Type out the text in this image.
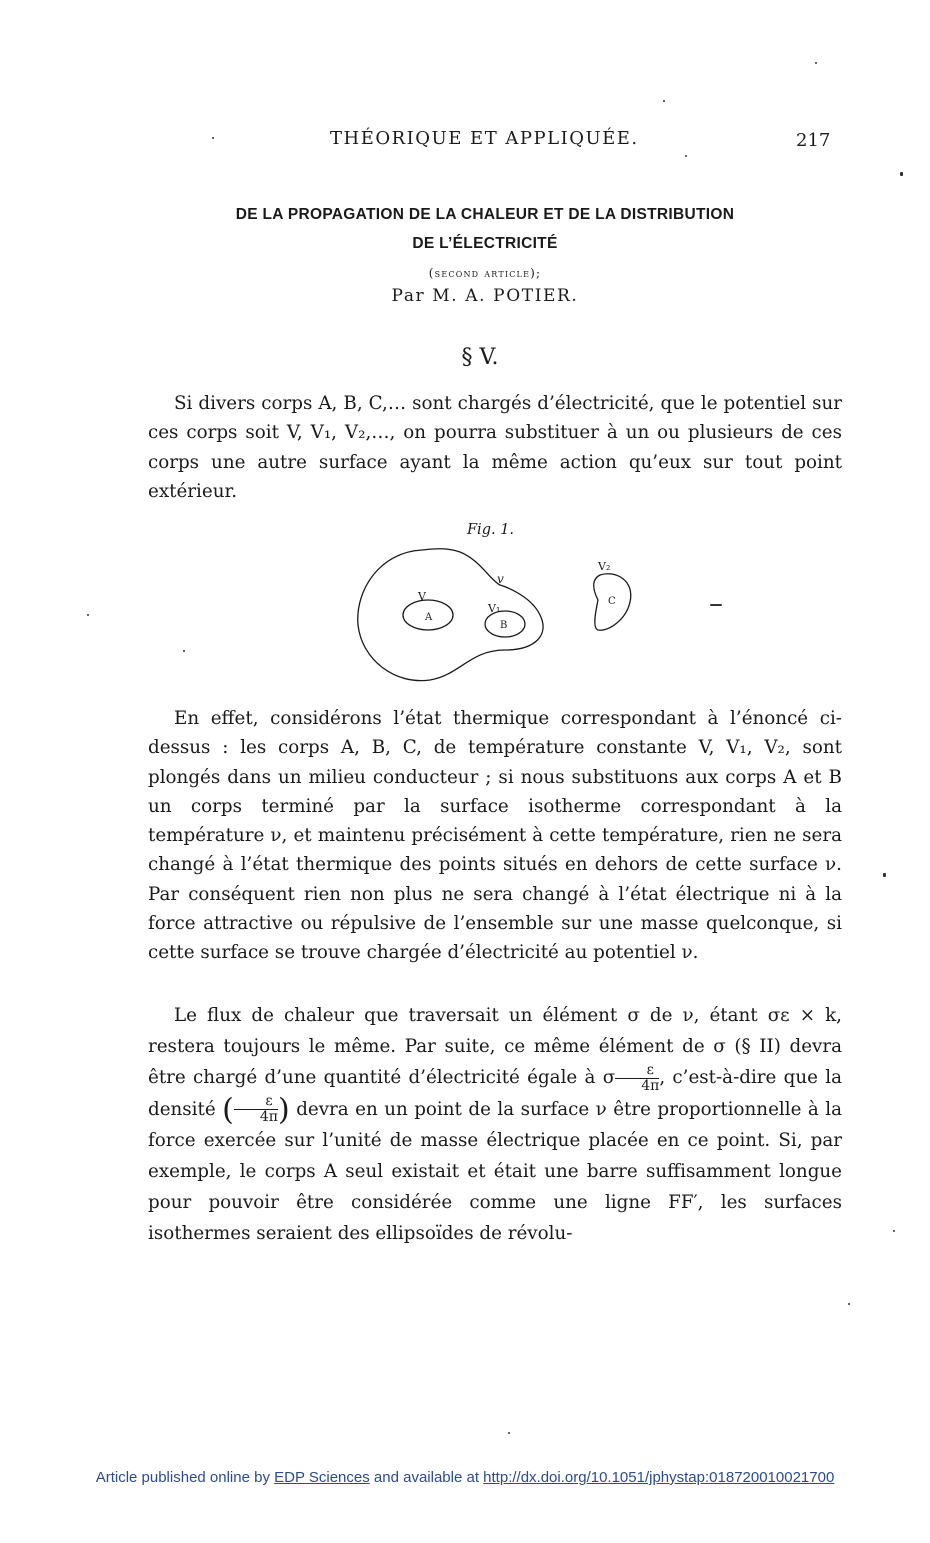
THÉORIQUE ET APPLIQUÉE.	217
DE LA PROPAGATION DE LA CHALEUR ET DE LA DISTRIBUTION
DE L’ÉLECTRICITÉ
(second article);
Par M. A. POTIER.
§ V.

Si divers corps A, B, C,… sont chargés d’électricité, que le potentiel sur ces corps soit V, V₁, V₂,…, on pourra substituer à un ou plusieurs de ces corps une autre surface ayant la même action qu’eux sur tout point extérieur.

Fig. 1.
v
V
A
V₁
B
V₂
C

En effet, considérons l’état thermique correspondant à l’énoncé ci-dessus : les corps A, B, C, de température constante V, V₁, V₂, sont plongés dans un milieu conducteur ; si nous substituons aux corps A et B un corps terminé par la surface isotherme correspondant à la température ν, et maintenu précisément à cette température, rien ne sera changé à l’état thermique des points situés en dehors de cette surface ν. Par conséquent rien non plus ne sera changé à l’état électrique ni à la force attractive ou répulsive de l’ensemble sur une masse quelconque, si cette surface se trouve chargée d’électricité au potentiel ν.

Le flux de chaleur que traversait un élément σ de ν, étant σε × k, restera toujours le même. Par suite, ce même élément de σ (§ II) devra être chargé d’une quantité d’électricité égale à σ $\frac{\varepsilon}{4\pi}$ , c’est-à-dire que la densité ( $\frac{\varepsilon}{4\pi}$ ) devra en un point de la surface ν être proportionnelle à la force exercée sur l’unité de masse électrique placée en ce point. Si, par exemple, le corps A seul existait et était une barre suffisamment longue pour pouvoir être considérée comme une ligne FF′, les surfaces isothermes seraient des ellipsoïdes de révolu-

Article published online by EDP Sciences and available at http://dx.doi.org/10.1051/jphystap:018720010021700
